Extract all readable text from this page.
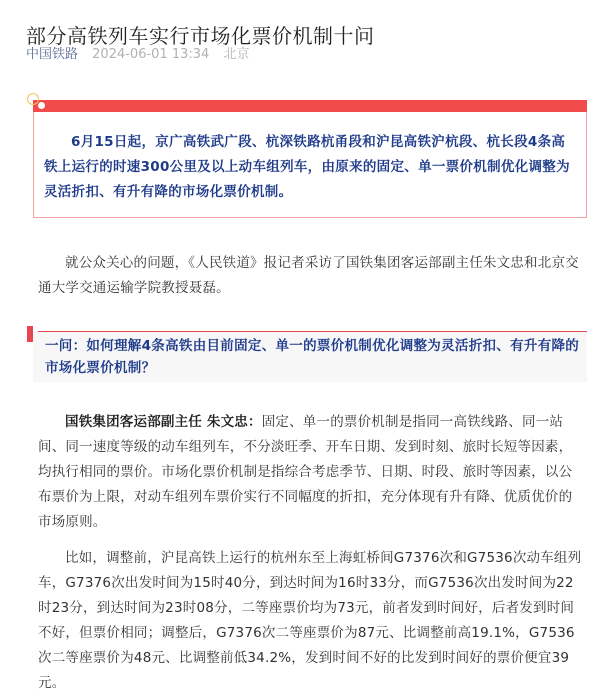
部分高铁列车实行市场化票价机制十问
中国铁路 2024-06-01 13:34 北京
6月15日起，京广高铁武广段、杭深铁路杭甬段和沪昆高铁沪杭段、杭长段4条高铁上运行的时速300公里及以上动车组列车，由原来的固定、单一票价机制优化调整为灵活折扣、有升有降的市场化票价机制。

就公众关心的问题，《人民铁道》报记者采访了国铁集团客运部副主任朱文忠和北京交通大学交通运输学院教授聂磊。

一问：如何理解4条高铁由目前固定、单一的票价机制优化调整为灵活折扣、有升有降的市场化票价机制？

国铁集团客运部副主任 朱文忠：固定、单一的票价机制是指同一高铁线路、同一站间、同一速度等级的动车组列车，不分淡旺季、开车日期、发到时刻、旅时长短等因素，均执行相同的票价。市场化票价机制是指综合考虑季节、日期、时段、旅时等因素，以公布票价为上限，对动车组列车票价实行不同幅度的折扣，充分体现有升有降、优质优价的市场原则。

比如，调整前，沪昆高铁上运行的杭州东至上海虹桥间G7376次和G7536次动车组列车，G7376次出发时间为15时40分，到达时间为16时33分，而G7536次出发时间为22时23分，到达时间为23时08分，二等座票价均为73元，前者发到时间好，后者发到时间不好，但票价相同；调整后，G7376次二等座票价为87元、比调整前高19.1%，G7536次二等座票价为48元、比调整前低34.2%，发到时间不好的比发到时间好的票价便宜39元。
